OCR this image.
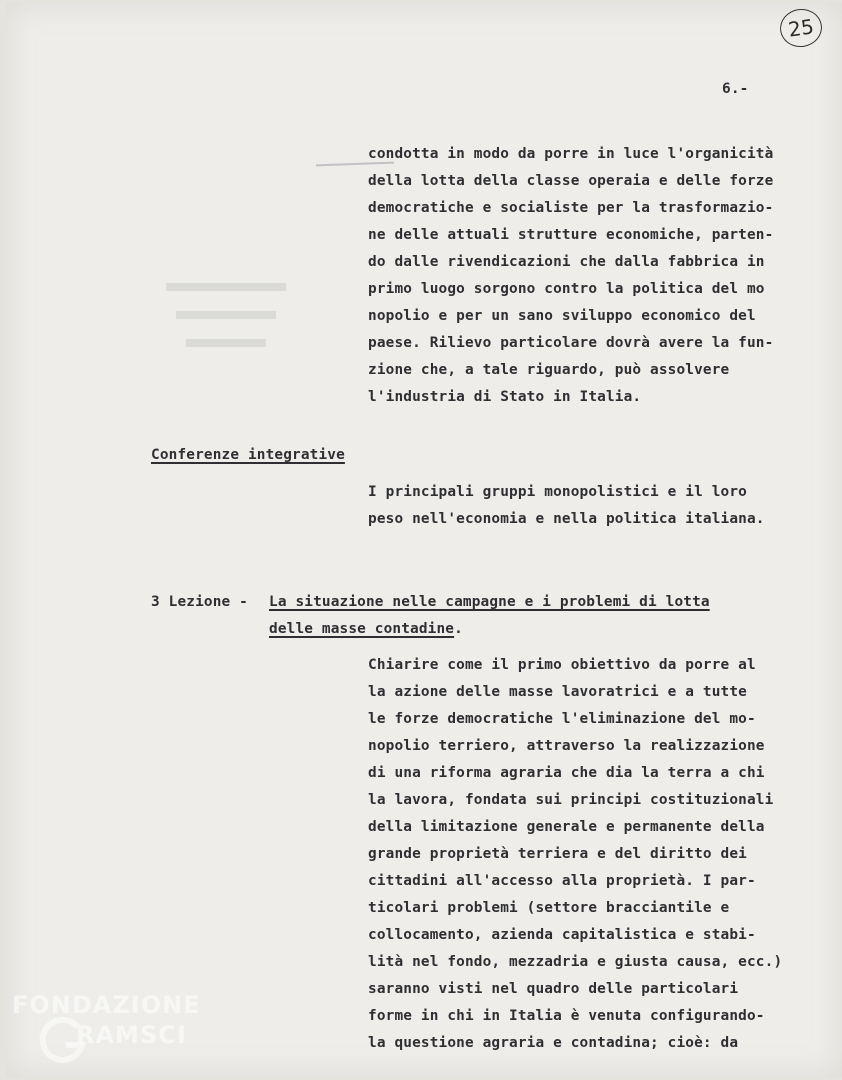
25
6.-
condotta in modo da porre in luce l'organicità
della lotta della classe operaia e delle forze
democratiche e socialiste per la trasformazio-
ne delle attuali strutture economiche, parten-
do dalle rivendicazioni che dalla fabbrica in
primo luogo sorgono contro la politica del mo
nopolio e per un sano sviluppo economico del
paese. Rilievo particolare dovrà avere la fun-
zione che, a tale riguardo, può assolvere
l'industria di Stato in Italia.
Conferenze integrative
I principali gruppi monopolistici e il loro
peso nell'economia e nella politica italiana.
3 Lezione - La situazione nelle campagne e i problemi di lotta
delle masse contadine.
Chiarire come il primo obiettivo da porre al
la azione delle masse lavoratrici e a tutte
le forze democratiche l'eliminazione del mo-
nopolio terriero, attraverso la realizzazione
di una riforma agraria che dia la terra a chi
la lavora, fondata sui principi costituzionali
della limitazione generale e permanente della
grande proprietà terriera e del diritto dei
cittadini all'accesso alla proprietà. I par-
ticolari problemi (settore bracciantile e
collocamento, azienda capitalistica e stabi-
lità nel fondo, mezzadria e giusta causa, ecc.)
saranno visti nel quadro delle particolari
forme in chi in Italia è venuta configurando-
la questione agraria e contadina; cioè: da
FONDAZIONE
RAMSCI
